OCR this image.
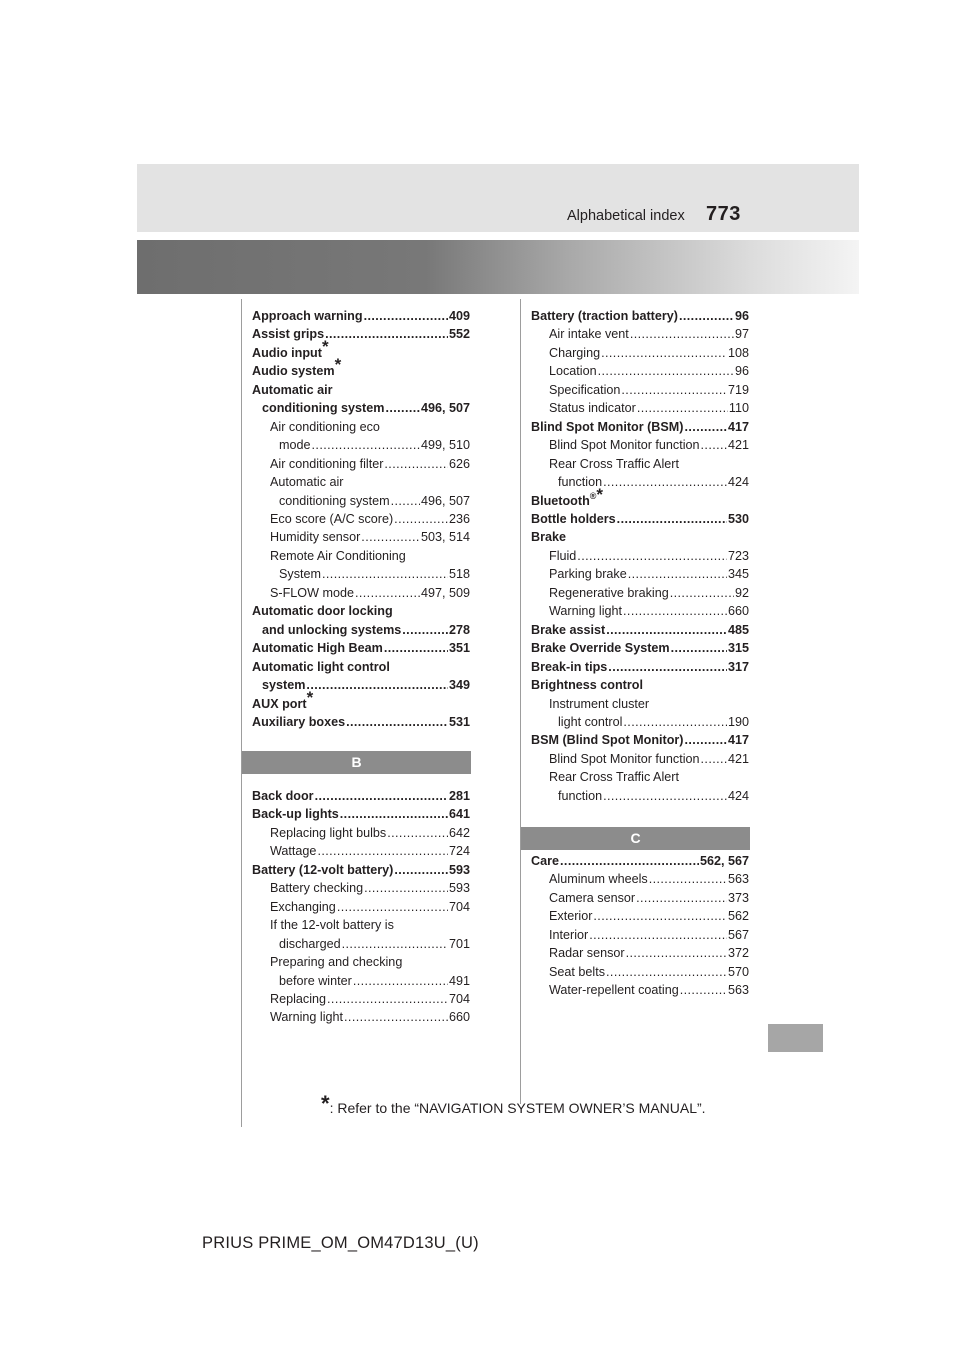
Alphabetical index 773
Approach warning .....	409
Assist grips .....	552
Audio input*
Audio system*
Automatic air
conditioning system .....	496, 507
Air conditioning eco
mode .....	499, 510
Air conditioning filter .....	626
Automatic air
conditioning system ..... 496, 507
Eco score (A/C score) .....	236
Humidity sensor .....	503, 514
Remote Air Conditioning
System .....	518
S-FLOW mode .....	497, 509
Automatic door locking
and unlocking systems .....	278
Automatic High Beam .....	351
Automatic light control
system .....	349
AUX port*
Auxiliary boxes .....	531
B
Back door .....	281
Back-up lights .....	641
Replacing light bulbs .....	642
Wattage .....	724
Battery (12-volt battery) .....	593
Battery checking .....	593
Exchanging .....	704
If the 12-volt battery is
discharged .....	701
Preparing and checking
before winter .....	491
Replacing .....	704
Warning light .....	660
Battery (traction battery) .....	96
Air intake vent .....	97
Charging .....	108
Location .....	96
Specification .....	719
Status indicator .....	110
Blind Spot Monitor (BSM) .....	417
Blind Spot Monitor function ..... 421
Rear Cross Traffic Alert
function .....	424
Bluetooth®*
Bottle holders .....	530
Brake
Fluid .....	723
Parking brake .....	345
Regenerative braking .....	92
Warning light .....	660
Brake assist .....	485
Brake Override System .....	315
Break-in tips .....	317
Brightness control
Instrument cluster
light control .....	190
BSM (Blind Spot Monitor) .....	417
Blind Spot Monitor function ..... 421
Rear Cross Traffic Alert
function .....	424
C
Care .....	562, 567
Aluminum wheels .....	563
Camera sensor .....	373
Exterior .....	562
Interior .....	567
Radar sensor .....	372
Seat belts .....	570
Water-repellent coating .....	563
*: Refer to the “NAVIGATION SYSTEM OWNER’S MANUAL”.
PRIUS PRIME_OM_OM47D13U_(U)
